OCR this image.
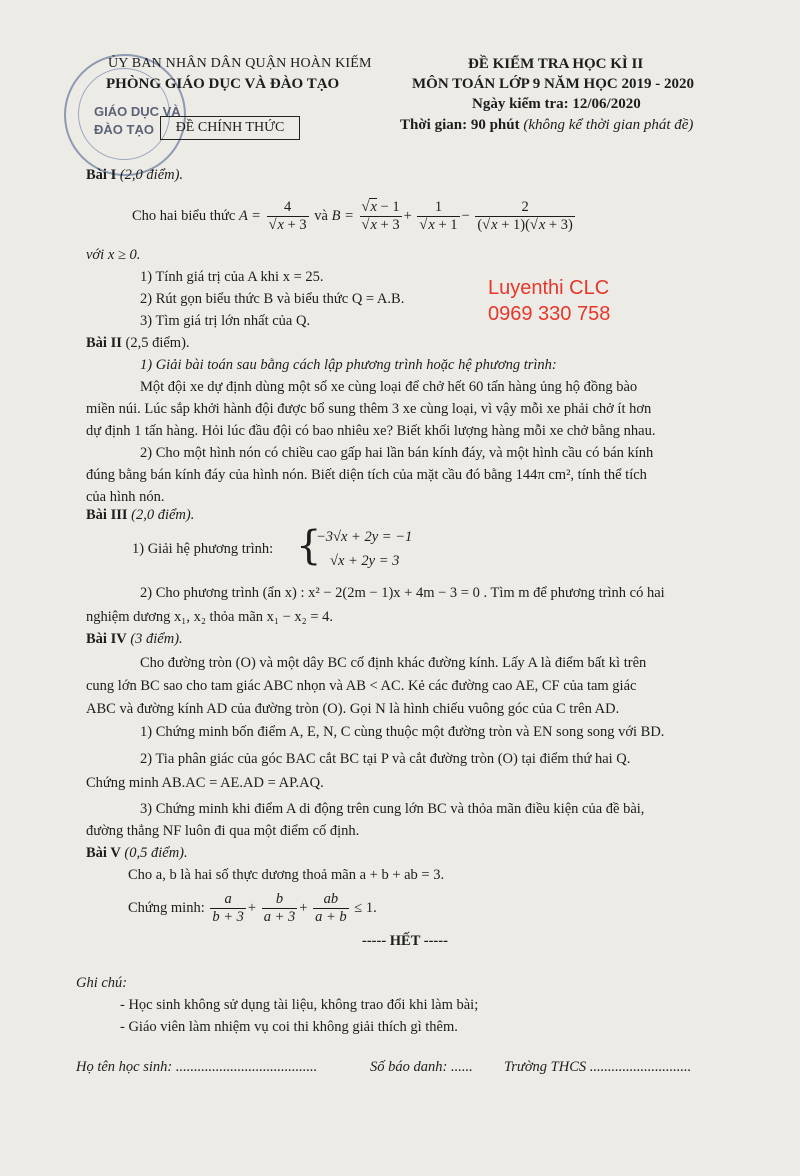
GIÁO DỤC VÀ
ĐÀO TẠO
ỦY BAN NHÂN DÂN QUẬN HOÀN KIẾM
PHÒNG GIÁO DỤC VÀ ĐÀO TẠO
ĐỀ CHÍNH THỨC
ĐỀ KIỂM TRA HỌC KÌ II
MÔN TOÁN LỚP 9 NĂM HỌC 2019 - 2020
Ngày kiểm tra: 12/06/2020
Thời gian: 90 phút (không kể thời gian phát đề)
Luyenthi CLC
0969 330 758
Bài I (2,0 điểm).
Cho hai biểu thức $A = \frac{4}{√x + 3}$ và $B = \frac{√x - 1}{√x + 3} + \frac{1}{√x + 1} - \frac{2}{(√x + 1)(√x + 3)}$
với x ≥ 0.
1) Tính giá trị của A khi x = 25.
2) Rút gọn biểu thức B và biểu thức Q = A.B.
3) Tìm giá trị lớn nhất của Q.
Bài II (2,5 điểm).
1) Giải bài toán sau bằng cách lập phương trình hoặc hệ phương trình:
Một đội xe dự định dùng một số xe cùng loại để chở hết 60 tấn hàng ủng hộ đồng bào
miền núi. Lúc sắp khởi hành đội được bổ sung thêm 3 xe cùng loại, vì vậy mỗi xe phải chở ít hơn
dự định 1 tấn hàng. Hỏi lúc đầu đội có bao nhiêu xe? Biết khối lượng hàng mỗi xe chở bằng nhau.
2) Cho một hình nón có chiều cao gấp hai lần bán kính đáy, và một hình cầu có bán kính
đúng bằng bán kính đáy của hình nón. Biết diện tích của mặt cầu đó bằng 144π cm², tính thể tích
của hình nón.
Bài III (2,0 điểm).
1) Giải hệ phương trình: {
−3√x + 2y = −1
√x + 2y = 3
2) Cho phương trình (ẩn x) : x² − 2(2m − 1)x + 4m − 3 = 0 . Tìm m để phương trình có hai
nghiệm dương x₁, x₂ thỏa mãn x₁ − x₂ = 4.
Bài IV (3 điểm).
Cho đường tròn (O) và một dây BC cố định khác đường kính. Lấy A là điểm bất kì trên
cung lớn BC sao cho tam giác ABC nhọn và AB < AC. Kẻ các đường cao AE, CF của tam giác
ABC và đường kính AD của đường tròn (O). Gọi N là hình chiếu vuông góc của C trên AD.
1) Chứng minh bốn điểm A, E, N, C cùng thuộc một đường tròn và EN song song với BD.
2) Tia phân giác của góc BAC cắt BC tại P và cắt đường tròn (O) tại điểm thứ hai Q.
Chứng minh AB.AC = AE.AD = AP.AQ.
3) Chứng minh khi điểm A di động trên cung lớn BC và thỏa mãn điều kiện của đề bài,
đường thẳng NF luôn đi qua một điểm cố định.
Bài V (0,5 điểm).
Cho a, b là hai số thực dương thoả mãn a + b + ab = 3.
Chứng minh: $\frac{a}{b + 3} + \frac{b}{a + 3} + \frac{ab}{a + b} \le 1$.
----- HẾT -----
Ghi chú:
- Học sinh không sử dụng tài liệu, không trao đổi khi làm bài;
- Giáo viên làm nhiệm vụ coi thi không giải thích gì thêm.
Họ tên học sinh: .......................................	Số báo danh: ...... Trường THCS ............................
